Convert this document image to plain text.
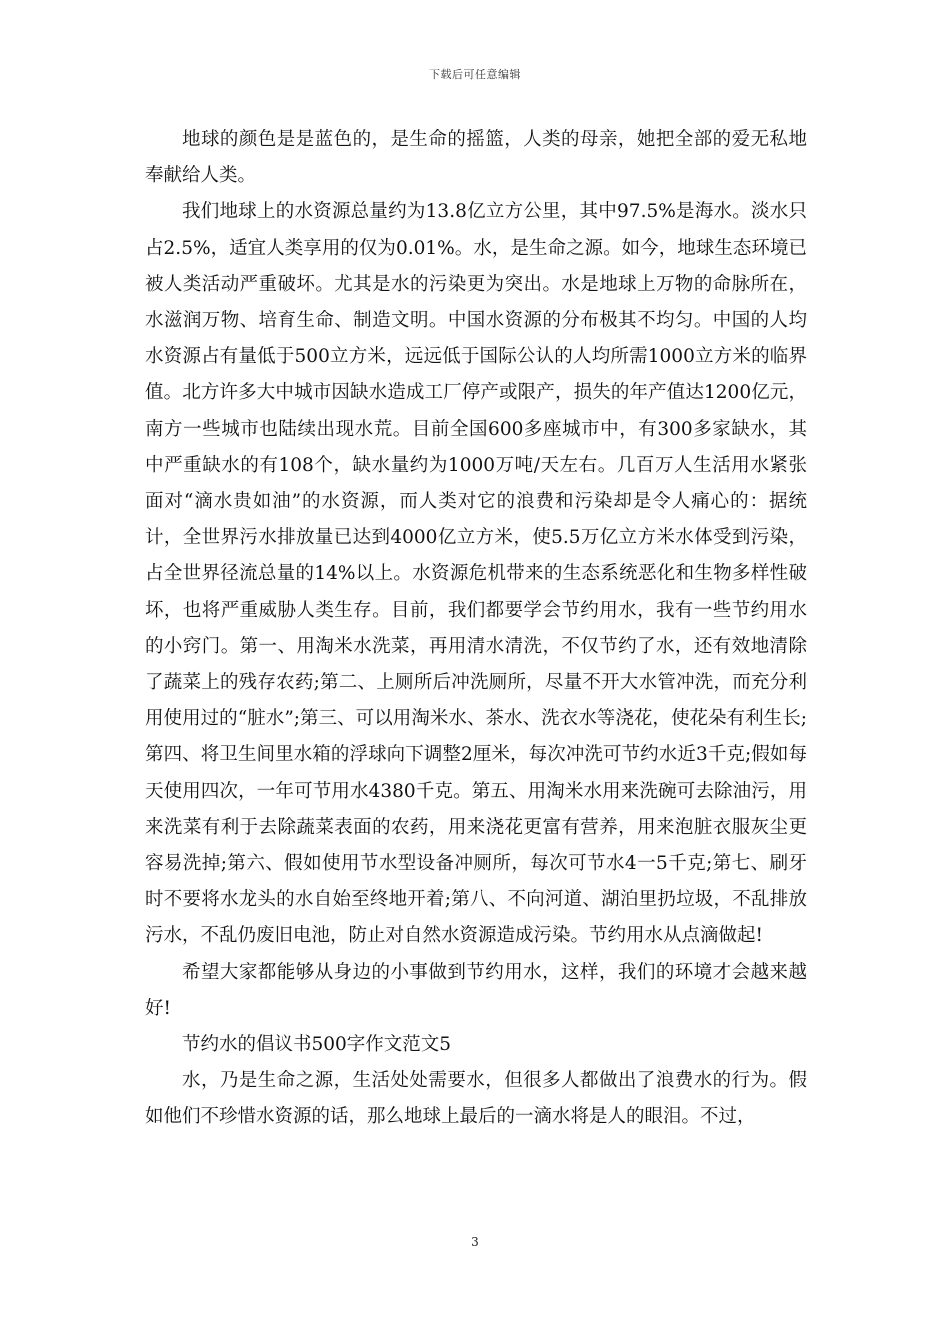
下载后可任意编辑

地球的颜色是是蓝色的，是生命的摇篮，人类的母亲，她把全部的爱无私地奉献给人类。

我们地球上的水资源总量约为13.8亿立方公里，其中97.5%是海水。淡水只占2.5%，适宜人类享用的仅为0.01%。水，是生命之源。如今，地球生态环境已被人类活动严重破坏。尤其是水的污染更为突出。水是地球上万物的命脉所在，水滋润万物、培育生命、制造文明。中国水资源的分布极其不均匀。中国的人均水资源占有量低于500立方米，远远低于国际公认的人均所需1000立方米的临界值。北方许多大中城市因缺水造成工厂停产或限产，损失的年产值达1200亿元，南方一些城市也陆续出现水荒。目前全国600多座城市中，有300多家缺水，其中严重缺水的有108个，缺水量约为1000万吨/天左右。几百万人生活用水紧张面对“滴水贵如油”的水资源，而人类对它的浪费和污染却是令人痛心的：据统计，全世界污水排放量已达到4000亿立方米，使5.5万亿立方米水体受到污染，占全世界径流总量的14%以上。水资源危机带来的生态系统恶化和生物多样性破坏，也将严重威胁人类生存。目前，我们都要学会节约用水，我有一些节约用水的小窍门。第一、用淘米水洗菜，再用清水清洗，不仅节约了水，还有效地清除了蔬菜上的残存农药;第二、上厕所后冲洗厕所，尽量不开大水管冲洗，而充分利用使用过的“脏水”;第三、可以用淘米水、茶水、洗衣水等浇花，使花朵有利生长;第四、将卫生间里水箱的浮球向下调整2厘米，每次冲洗可节约水近3千克;假如每天使用四次，一年可节用水4380千克。第五、用淘米水用来洗碗可去除油污，用来洗菜有利于去除蔬菜表面的农药，用来浇花更富有营养，用来泡脏衣服灰尘更容易洗掉;第六、假如使用节水型设备冲厕所，每次可节水4一5千克;第七、刷牙时不要将水龙头的水自始至终地开着;第八、不向河道、湖泊里扔垃圾，不乱排放污水，不乱仍废旧电池，防止对自然水资源造成污染。节约用水从点滴做起!

希望大家都能够从身边的小事做到节约用水，这样，我们的环境才会越来越好!

节约水的倡议书500字作文范文5

水，乃是生命之源，生活处处需要水，但很多人都做出了浪费水的行为。假如他们不珍惜水资源的话，那么地球上最后的一滴水将是人的眼泪。不过，

3
